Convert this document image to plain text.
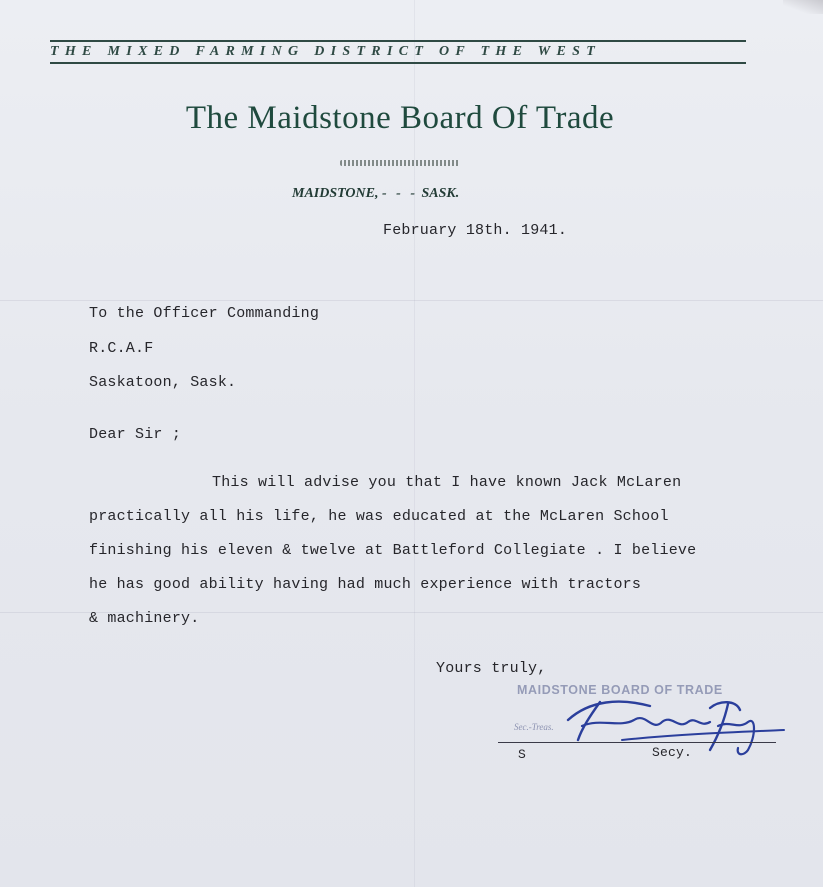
THE MIXED FARMING DISTRICT OF THE WEST
The Maidstone Board Of Trade
MAIDSTONE, - - - SASK.
February 18th. 1941.
To the Officer Commanding
R.C.A.F
Saskatoon, Sask.
Dear Sir ;
This will advise you that I have known Jack McLaren
practically all his life, he was educated at the McLaren School
finishing his eleven & twelve at Battleford Collegiate . I believe
he has good ability having had much experience with tractors
& machinery.
Yours truly,
MAIDSTONE BOARD OF TRADE
Sec.-Treas.
S	Secy.
